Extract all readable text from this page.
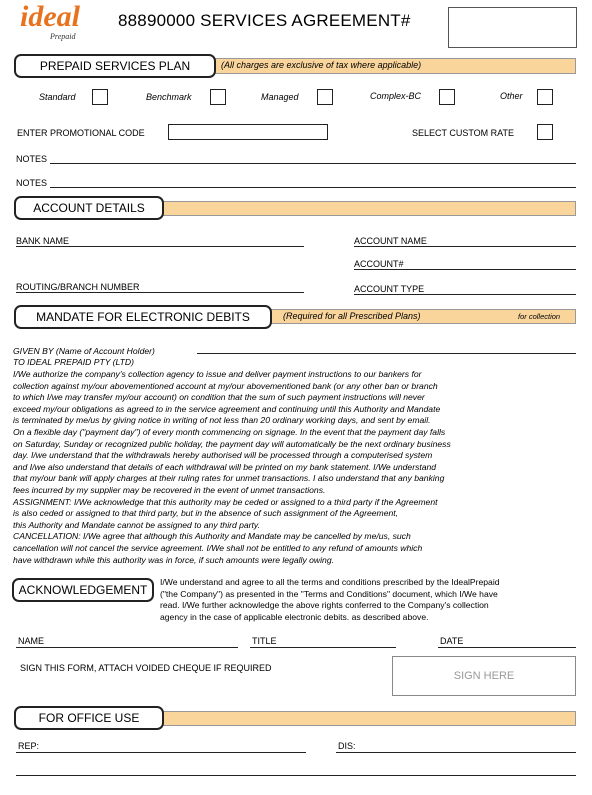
ideal
Prepaid
88890000 SERVICES AGREEMENT#
(All charges are exclusive of tax where applicable)
PREPAID SERVICES PLAN
Standard	Benchmark	Managed	Complex-BC	Other
ENTER PROMOTIONAL CODE	SELECT CUSTOM RATE
NOTES
NOTES
ACCOUNT DETAILS
BANK NAME	ACCOUNT NAME
ACCOUNT#
ROUTING/BRANCH NUMBER	ACCOUNT TYPE
(Required for all Prescribed Plans)	for collection
MANDATE FOR ELECTRONIC DEBITS
GIVEN BY (Name of Account Holder)
TO IDEAL PREPAID PTY (LTD)
I/We authorize the company's collection agency to issue and deliver payment instructions to our bankers for
collection against my/our abovementioned account at my/our abovementioned bank (or any other ban or branch
to which I/we may transfer my/our account) on condition that the sum of such payment instructions will never
exceed my/our obligations as agreed to in the service agreement and continuing until this Authority and Mandate
is terminated by me/us by giving notice in writing of not less than 20 ordinary working days, and sent by email.
On a flexible day ("payment day") of every month commencing on signage. In the event that the payment day falls
on Saturday, Sunday or recognized public holiday, the payment day will automatically be the next ordinary business
day. I/we understand that the withdrawals hereby authorised will be processed through a computerised system
and I/we also understand that details of each withdrawal will be printed on my bank statement. I/We understand
that my/our bank will apply charges at their ruling rates for unmet transactions. I also understand that any banking
fees incurred by my supplier may be recovered in the event of unmet transactions.
ASSIGNMENT: I/We acknowledge that this authority may be ceded or assigned to a third party if the Agreement
is also ceded or assigned to that third party, but in the absence of such assignment of the Agreement,
this Authority and Mandate cannot be assigned to any third party.
CANCELLATION: I/We agree that although this Authority and Mandate may be cancelled by me/us, such
cancellation will not cancel the service agreement. I/We shall not be entitled to any refund of amounts which
have withdrawn while this authority was in force, if such amounts were legally owing.
ACKNOWLEDGEMENT
I/We understand and agree to all the terms and conditions prescribed by the IdealPrepaid
("the Company") as presented in the "Terms and Conditions" document, which I/We have
read. I/We further acknowledge the above rights conferred to the Company's collection
agency in the case of applicable electronic debits. as described above.
NAME	TITLE	DATE
SIGN THIS FORM, ATTACH VOIDED CHEQUE IF REQUIRED
SIGN HERE
FOR OFFICE USE
REP:	DIS:
